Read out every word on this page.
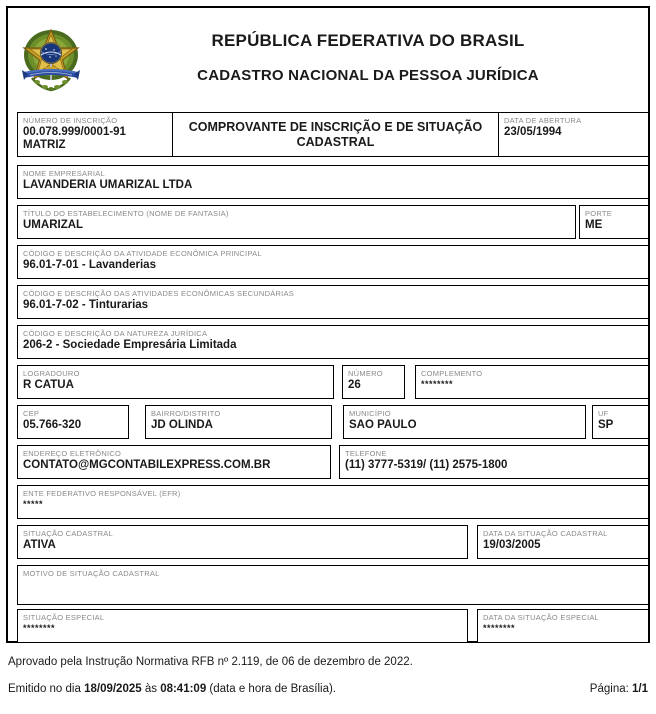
REPÚBLICA FEDERATIVA DO BRASIL
CADASTRO NACIONAL DA PESSOA JURÍDICA
NÚMERO DE INSCRIÇÃO
00.078.999/0001-91
MATRIZ
COMPROVANTE DE INSCRIÇÃO E DE SITUAÇÃO CADASTRAL
DATA DE ABERTURA
23/05/1994
NOME EMPRESARIAL
LAVANDERIA UMARIZAL LTDA
TÍTULO DO ESTABELECIMENTO (NOME DE FANTASIA)
UMARIZAL
PORTE
ME
CÓDIGO E DESCRIÇÃO DA ATIVIDADE ECONÔMICA PRINCIPAL
96.01-7-01 - Lavanderias
CÓDIGO E DESCRIÇÃO DAS ATIVIDADES ECONÔMICAS SECUNDÁRIAS
96.01-7-02 - Tinturarias
CÓDIGO E DESCRIÇÃO DA NATUREZA JURÍDICA
206-2 - Sociedade Empresária Limitada
LOGRADOURO
R CATUA
NÚMERO
26
COMPLEMENTO
********
CEP
05.766-320
BAIRRO/DISTRITO
JD OLINDA
MUNICÍPIO
SAO PAULO
UF
SP
ENDEREÇO ELETRÔNICO
CONTATO@MGCONTABILEXPRESS.COM.BR
TELEFONE
(11) 3777-5319/ (11) 2575-1800
ENTE FEDERATIVO RESPONSÁVEL (EFR)
*****
SITUAÇÃO CADASTRAL
ATIVA
DATA DA SITUAÇÃO CADASTRAL
19/03/2005
MOTIVO DE SITUAÇÃO CADASTRAL
SITUAÇÃO ESPECIAL
********
DATA DA SITUAÇÃO ESPECIAL
********
Aprovado pela Instrução Normativa RFB nº 2.119, de 06 de dezembro de 2022.
Emitido no dia 18/09/2025 às 08:41:09 (data e hora de Brasília).	Página: 1/1
